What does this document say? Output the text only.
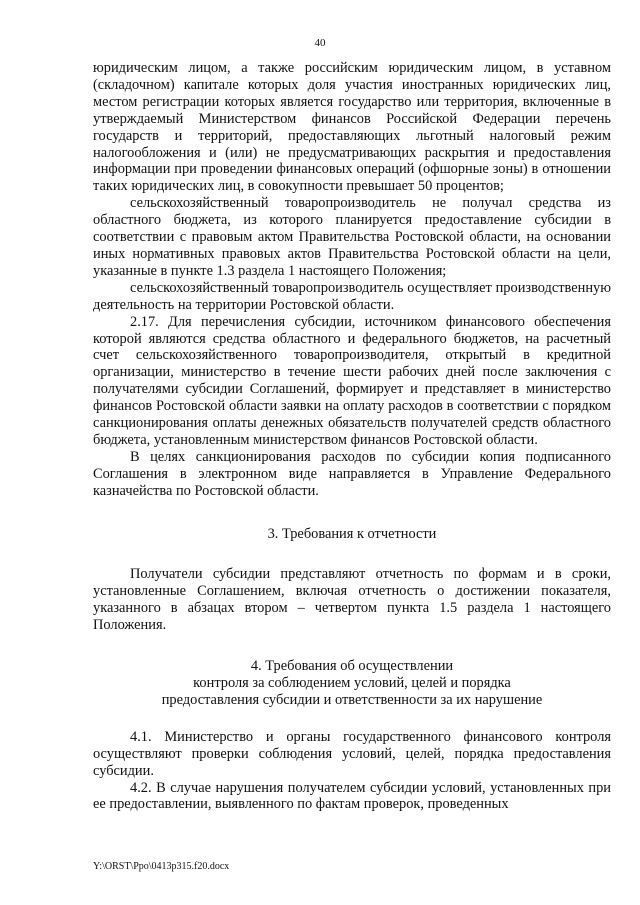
40

юридическим лицом, а также российским юридическим лицом, в уставном (складочном) капитале которых доля участия иностранных юридических лиц, местом регистрации которых является государство или территория, включенные в утверждаемый Министерством финансов Российской Федерации перечень государств и территорий, предоставляющих льготный налоговый режим налогообложения и (или) не предусматривающих раскрытия и предоставления информации при проведении финансовых операций (офшорные зоны) в отношении таких юридических лиц, в совокупности превышает 50 процентов;

сельскохозяйственный товаропроизводитель не получал средства из областного бюджета, из которого планируется предоставление субсидии в соответствии с правовым актом Правительства Ростовской области, на основании иных нормативных правовых актов Правительства Ростовской области на цели, указанные в пункте 1.3 раздела 1 настоящего Положения;

сельскохозяйственный товаропроизводитель осуществляет производственную деятельность на территории Ростовской области.

2.17. Для перечисления субсидии, источником финансового обеспечения которой являются средства областного и федерального бюджетов, на расчетный счет сельскохозяйственного товаропроизводителя, открытый в кредитной организации, министерство в течение шести рабочих дней после заключения с получателями субсидии Соглашений, формирует и представляет в министерство финансов Ростовской области заявки на оплату расходов в соответствии с порядком санкционирования оплаты денежных обязательств получателей средств областного бюджета, установленным министерством финансов Ростовской области.

В целях санкционирования расходов по субсидии копия подписанного Соглашения в электронном виде направляется в Управление Федерального казначейства по Ростовской области.

3. Требования к отчетности

Получатели субсидии представляют отчетность по формам и в сроки, установленные Соглашением, включая отчетность о достижении показателя, указанного в абзацах втором – четвертом пункта 1.5 раздела 1 настоящего Положения.

4. Требования об осуществлении

контроля за соблюдением условий, целей и порядка

предоставления субсидии и ответственности за их нарушение

4.1. Министерство и органы государственного финансового контроля осуществляют проверки соблюдения условий, целей, порядка предоставления субсидии.

4.2. В случае нарушения получателем субсидии условий, установленных при ее предоставлении, выявленного по фактам проверок, проведенных

Y:\ORST\Ppo\0413p315.f20.docx
